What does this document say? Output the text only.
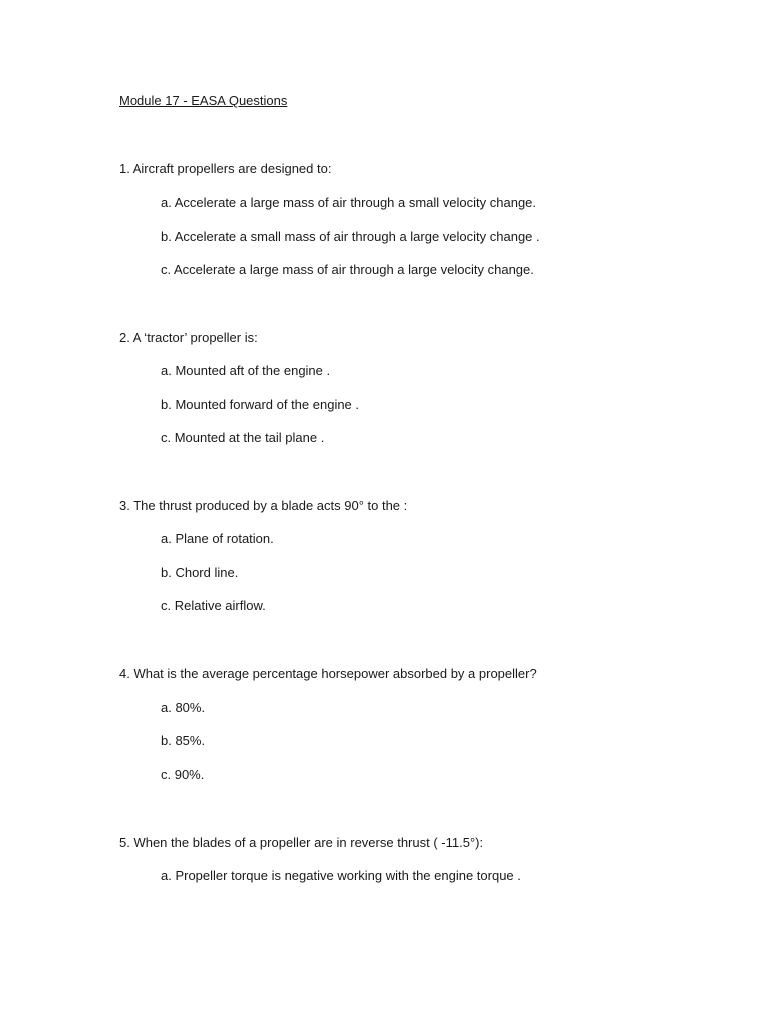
Module 17 - EASA Questions
1. Aircraft propellers are designed to:
a. Accelerate a large mass of air through a small velocity change.
b. Accelerate a small mass of air through a large velocity change .
c. Accelerate a large mass of air through a large velocity change.
2. A ‘tractor’ propeller is:
a. Mounted aft of the engine .
b. Mounted forward of the engine .
c. Mounted at the tail plane .
3. The thrust produced by a blade acts 90° to the :
a. Plane of rotation.
b. Chord line.
c. Relative airflow.
4. What is the average percentage horsepower absorbed by a propeller?
a. 80%.
b. 85%.
c. 90%.
5. When the blades of a propeller are in reverse thrust ( -11.5°):
a. Propeller torque is negative working with the engine torque .
